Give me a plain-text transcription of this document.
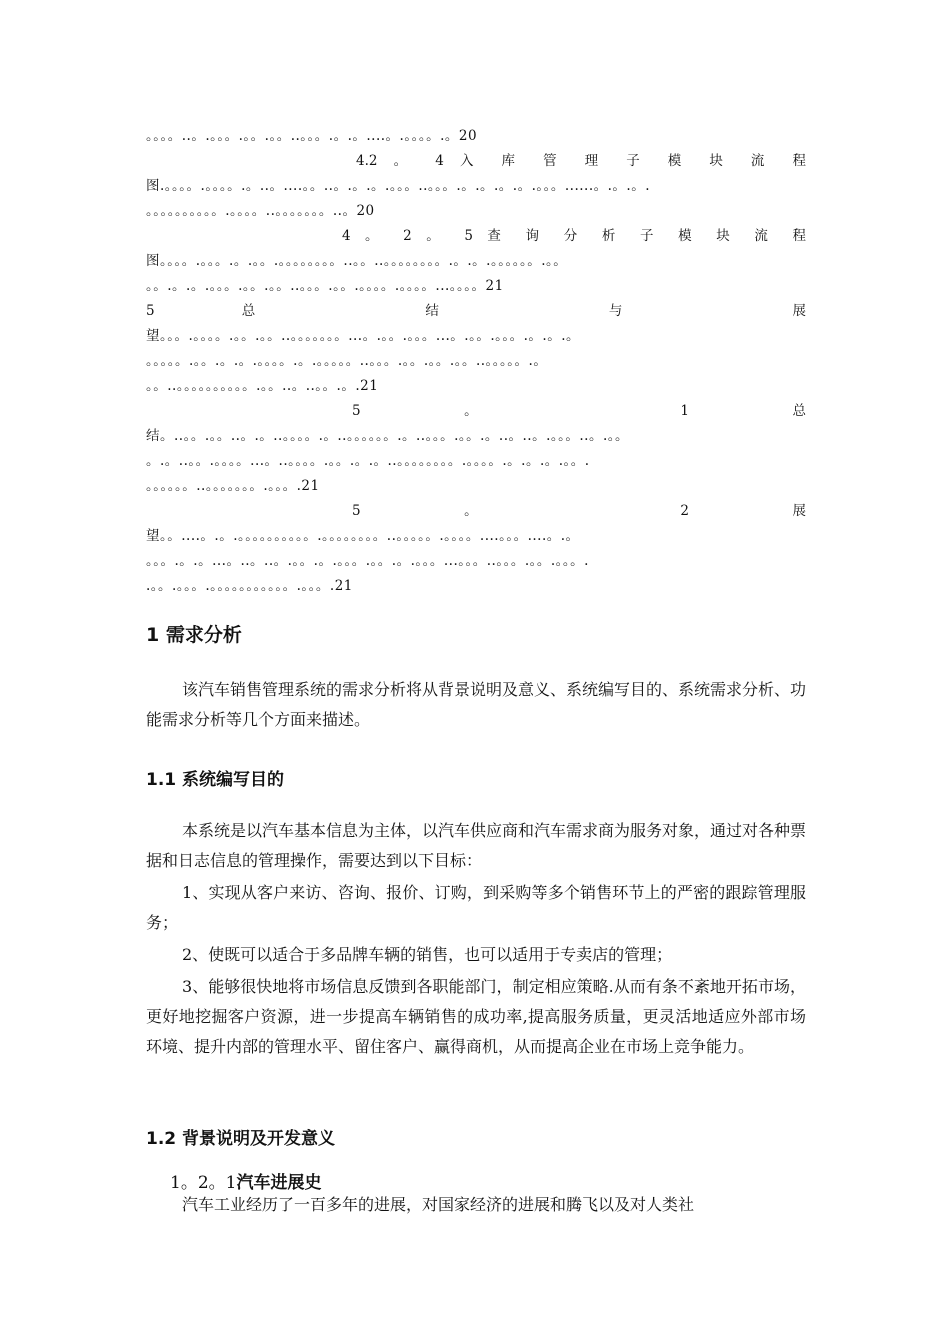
。。。。..。.。。。.。。.。。..。。。.。.。....。.。。。。.。20
4.2 。 4 入 库 管 理 子 模 块 流 程
图.。。。。.。。。。.。..。....。。..。.。.。.。。。..。。。.。.。.。.。.。。。......。.。.。.
。。。。。。。。。。.。。。。..。。。。。。。..。20
4 。 2 。 5 查 询 分 析 子 模 块 流 程
图。。。。.。。。.。.。。.。。。。。。。。..。。..。。。。。。。。.。.。.。。。。。。.。。
。。.。.。.。。。.。。.。。..。。。.。。.。。。。.。。。。...。。。。21
5 总 结 与 展
望。。。.。。。。.。。.。。..。。。。。。。...。.。。.。。。...。.。。.。。。.。.。.。
。。。。。.。。.。.。.。。。。.。.。。。。。..。。。.。。.。。.。。..。。。。。.。
。。..。。。。。。。。。。.。。..。..。。.。.21
5 。 1 总
结。..。。.。。..。.。..。。。。.。..。。。。。。.。..。。。.。。.。..。..。.。。。..。.。。
。.。..。。.。。。。...。..。。。。.。。.。.。..。。。。。。。。.。。。。.。.。.。.。。.
。。。。。。..。。。。。。。.。。。.21
5 。 2 展
望。。....。.。.。。。。。。。。。。.。。。。。。。。..。。。。。.。。。。....。。。....。.。
。。。.。.。...。..。..。.。。.。.。。。.。。.。.。。。...。。。..。。。.。。.。。。.
.。。.。。。.。。。。。。。。。。。.。。。.21
1 需求分析
该汽车销售管理系统的需求分析将从背景说明及意义、系统编写目的、系统需求分析、功能需求分析等几个方面来描述。
1.1 系统编写目的
本系统是以汽车基本信息为主体，以汽车供应商和汽车需求商为服务对象，通过对各种票据和日志信息的管理操作，需要达到以下目标：
1、实现从客户来访、咨询、报价、订购，到采购等多个销售环节上的严密的跟踪管理服务；
2、使既可以适合于多品牌车辆的销售，也可以适用于专卖店的管理；
3、能够很快地将市场信息反馈到各职能部门，制定相应策略.从而有条不紊地开拓市场，更好地挖掘客户资源，进一步提高车辆销售的成功率,提高服务质量，更灵活地适应外部市场环境、提升内部的管理水平、留住客户、赢得商机，从而提高企业在市场上竞争能力。
1.2 背景说明及开发意义
1。2。1汽车进展史
汽车工业经历了一百多年的进展，对国家经济的进展和腾飞以及对人类社
